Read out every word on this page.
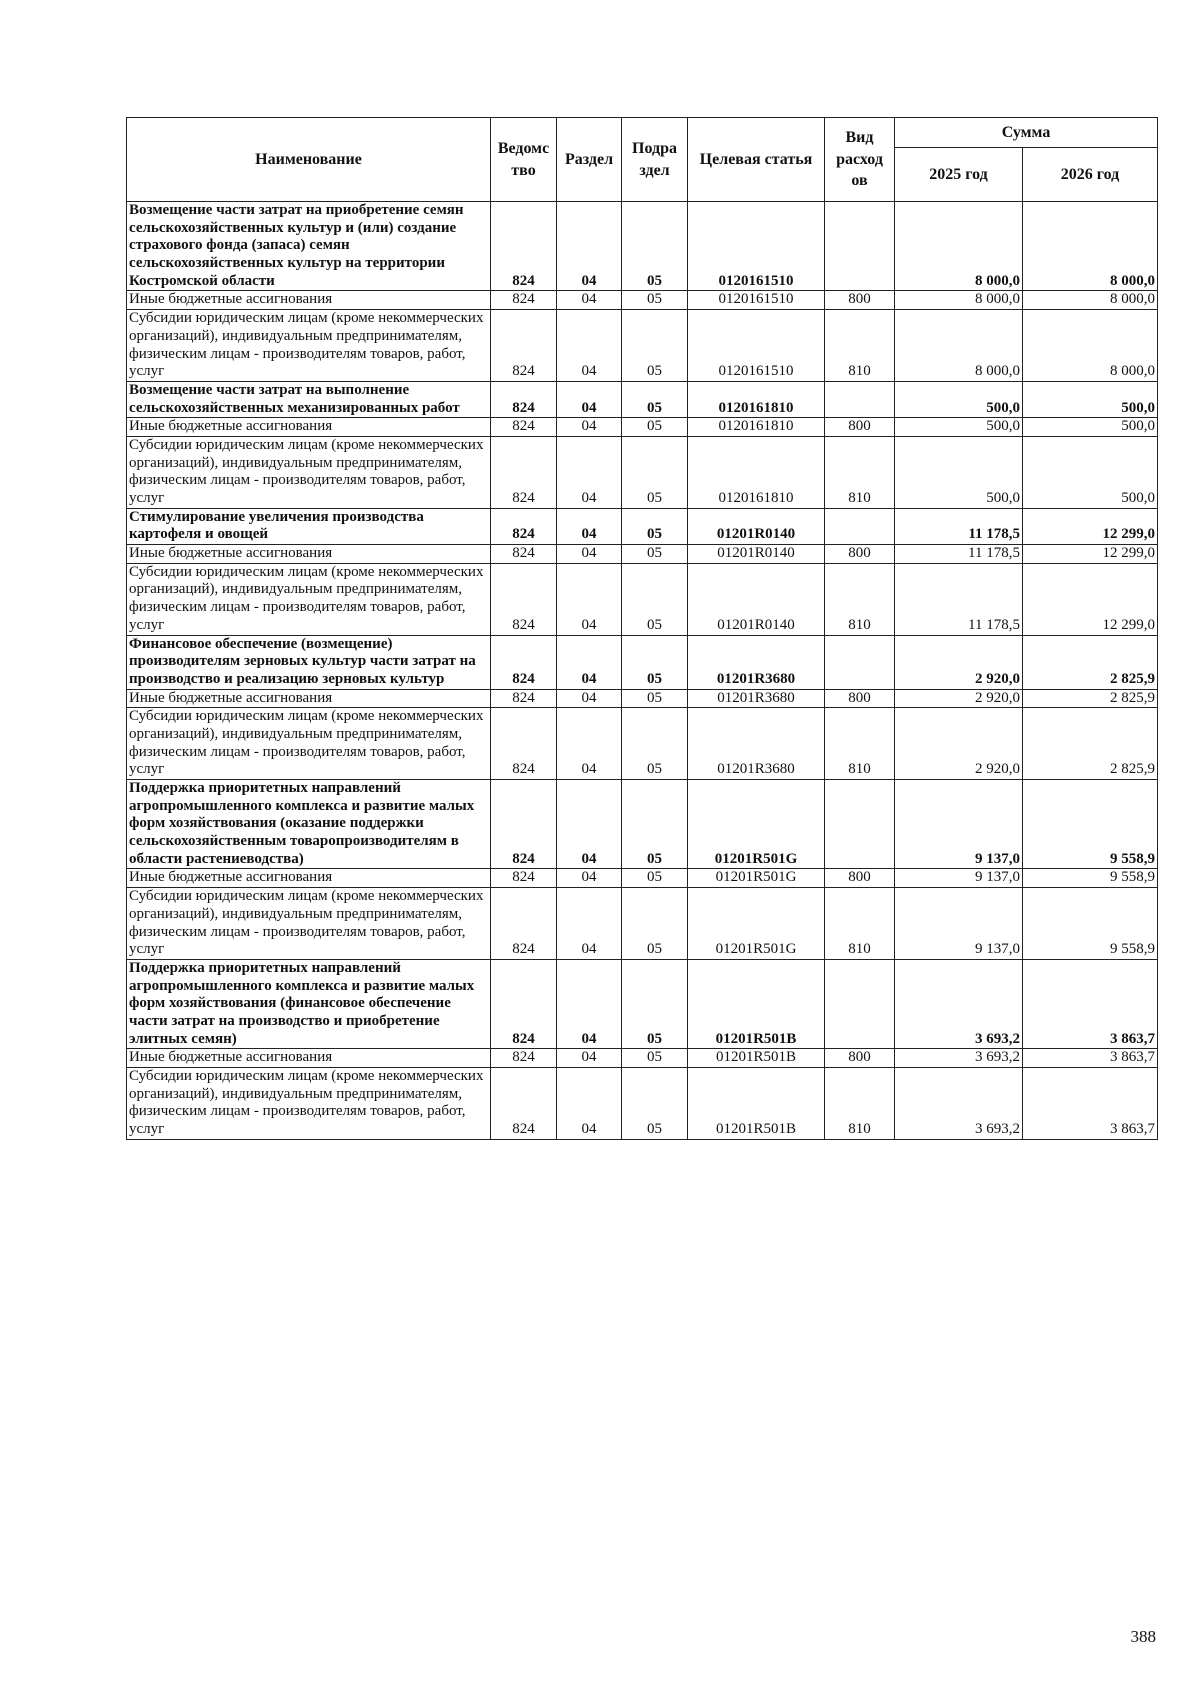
Наименование	Ведомс тво	Раздел	Подра здел	Целевая статья	Вид расход ов	Сумма	
						2025 год	2026 год
Возмещение части затрат на приобретение семян сельскохозяйственных культур и (или) создание страхового фонда (запаса) семян сельскохозяйственных культур на территории Костромской области	824	04	05	0120161510		8 000,0	8 000,0
Иные бюджетные ассигнования	824	04	05	0120161510	800	8 000,0	8 000,0
Субсидии юридическим лицам (кроме некоммерческих организаций), индивидуальным предпринимателям, физическим лицам - производителям товаров, работ, услуг	824	04	05	0120161510	810	8 000,0	8 000,0
Возмещение части затрат на выполнение сельскохозяйственных механизированных работ	824	04	05	0120161810		500,0	500,0
Иные бюджетные ассигнования	824	04	05	0120161810	800	500,0	500,0
Субсидии юридическим лицам (кроме некоммерческих организаций), индивидуальным предпринимателям, физическим лицам - производителям товаров, работ, услуг	824	04	05	0120161810	810	500,0	500,0
Стимулирование увеличения производства картофеля и овощей	824	04	05	01201R0140		11 178,5	12 299,0
Иные бюджетные ассигнования	824	04	05	01201R0140	800	11 178,5	12 299,0
Субсидии юридическим лицам (кроме некоммерческих организаций), индивидуальным предпринимателям, физическим лицам - производителям товаров, работ, услуг	824	04	05	01201R0140	810	11 178,5	12 299,0
Финансовое обеспечение (возмещение) производителям зерновых культур части затрат на производство и реализацию зерновых культур	824	04	05	01201R3680		2 920,0	2 825,9
Иные бюджетные ассигнования	824	04	05	01201R3680	800	2 920,0	2 825,9
Субсидии юридическим лицам (кроме некоммерческих организаций), индивидуальным предпринимателям, физическим лицам - производителям товаров, работ, услуг	824	04	05	01201R3680	810	2 920,0	2 825,9
Поддержка приоритетных направлений агропромышленного комплекса и развитие малых форм хозяйствования (оказание поддержки сельскохозяйственным товаропроизводителям в области растениеводства)	824	04	05	01201R501G		9 137,0	9 558,9
Иные бюджетные ассигнования	824	04	05	01201R501G	800	9 137,0	9 558,9
Субсидии юридическим лицам (кроме некоммерческих организаций), индивидуальным предпринимателям, физическим лицам - производителям товаров, работ, услуг	824	04	05	01201R501G	810	9 137,0	9 558,9
Поддержка приоритетных направлений агропромышленного комплекса и развитие малых форм хозяйствования (финансовое обеспечение части затрат на производство и приобретение элитных семян)	824	04	05	01201R501B		3 693,2	3 863,7
Иные бюджетные ассигнования	824	04	05	01201R501B	800	3 693,2	3 863,7
Субсидии юридическим лицам (кроме некоммерческих организаций), индивидуальным предпринимателям, физическим лицам - производителям товаров, работ, услуг	824	04	05	01201R501B	810	3 693,2	3 863,7
388
